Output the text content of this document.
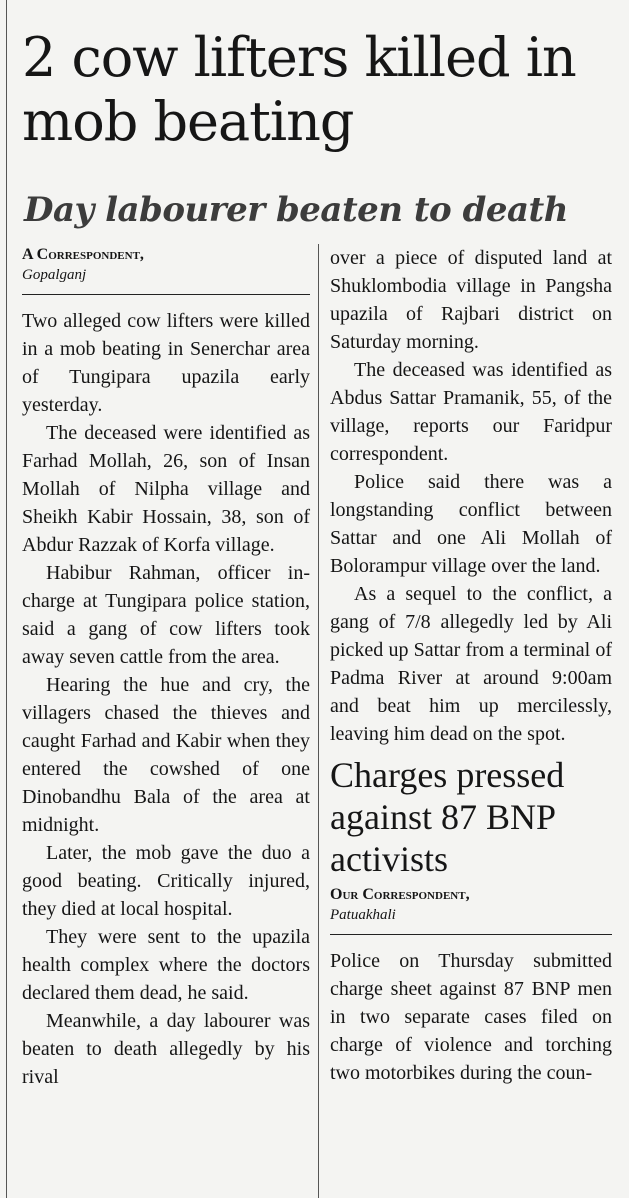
2 cow lifters killed in mob beating
Day labourer beaten to death

A Correspondent,

Gopalganj

Two alleged cow lifters were killed in a mob beating in Senerchar area of Tungipara upazila early yesterday.

The deceased were identified as Farhad Mollah, 26, son of Insan Mollah of Nilpha village and Sheikh Kabir Hossain, 38, son of Abdur Razzak of Korfa village.

Habibur Rahman, officer in-charge at Tungipara police station, said a gang of cow lifters took away seven cattle from the area.

Hearing the hue and cry, the villagers chased the thieves and caught Farhad and Kabir when they entered the cowshed of one Dinobandhu Bala of the area at midnight.

Later, the mob gave the duo a good beating. Critically injured, they died at local hospital.

They were sent to the upazila health complex where the doctors declared them dead, he said.

Meanwhile, a day labourer was beaten to death allegedly by his rival

over a piece of disputed land at Shuklombodia village in Pangsha upazila of Rajbari district on Saturday morning.

The deceased was identified as Abdus Sattar Pramanik, 55, of the village, reports our Faridpur correspondent.

Police said there was a longstanding conflict between Sattar and one Ali Mollah of Bolorampur village over the land.

As a sequel to the conflict, a gang of 7/8 allegedly led by Ali picked up Sattar from a terminal of Padma River at around 9:00am and beat him up mercilessly, leaving him dead on the spot.

Charges pressed against 87 BNP activists

Our Correspondent,

Patuakhali

Police on Thursday submitted charge sheet against 87 BNP men in two separate cases filed on charge of violence and torching two motorbikes during the coun-
